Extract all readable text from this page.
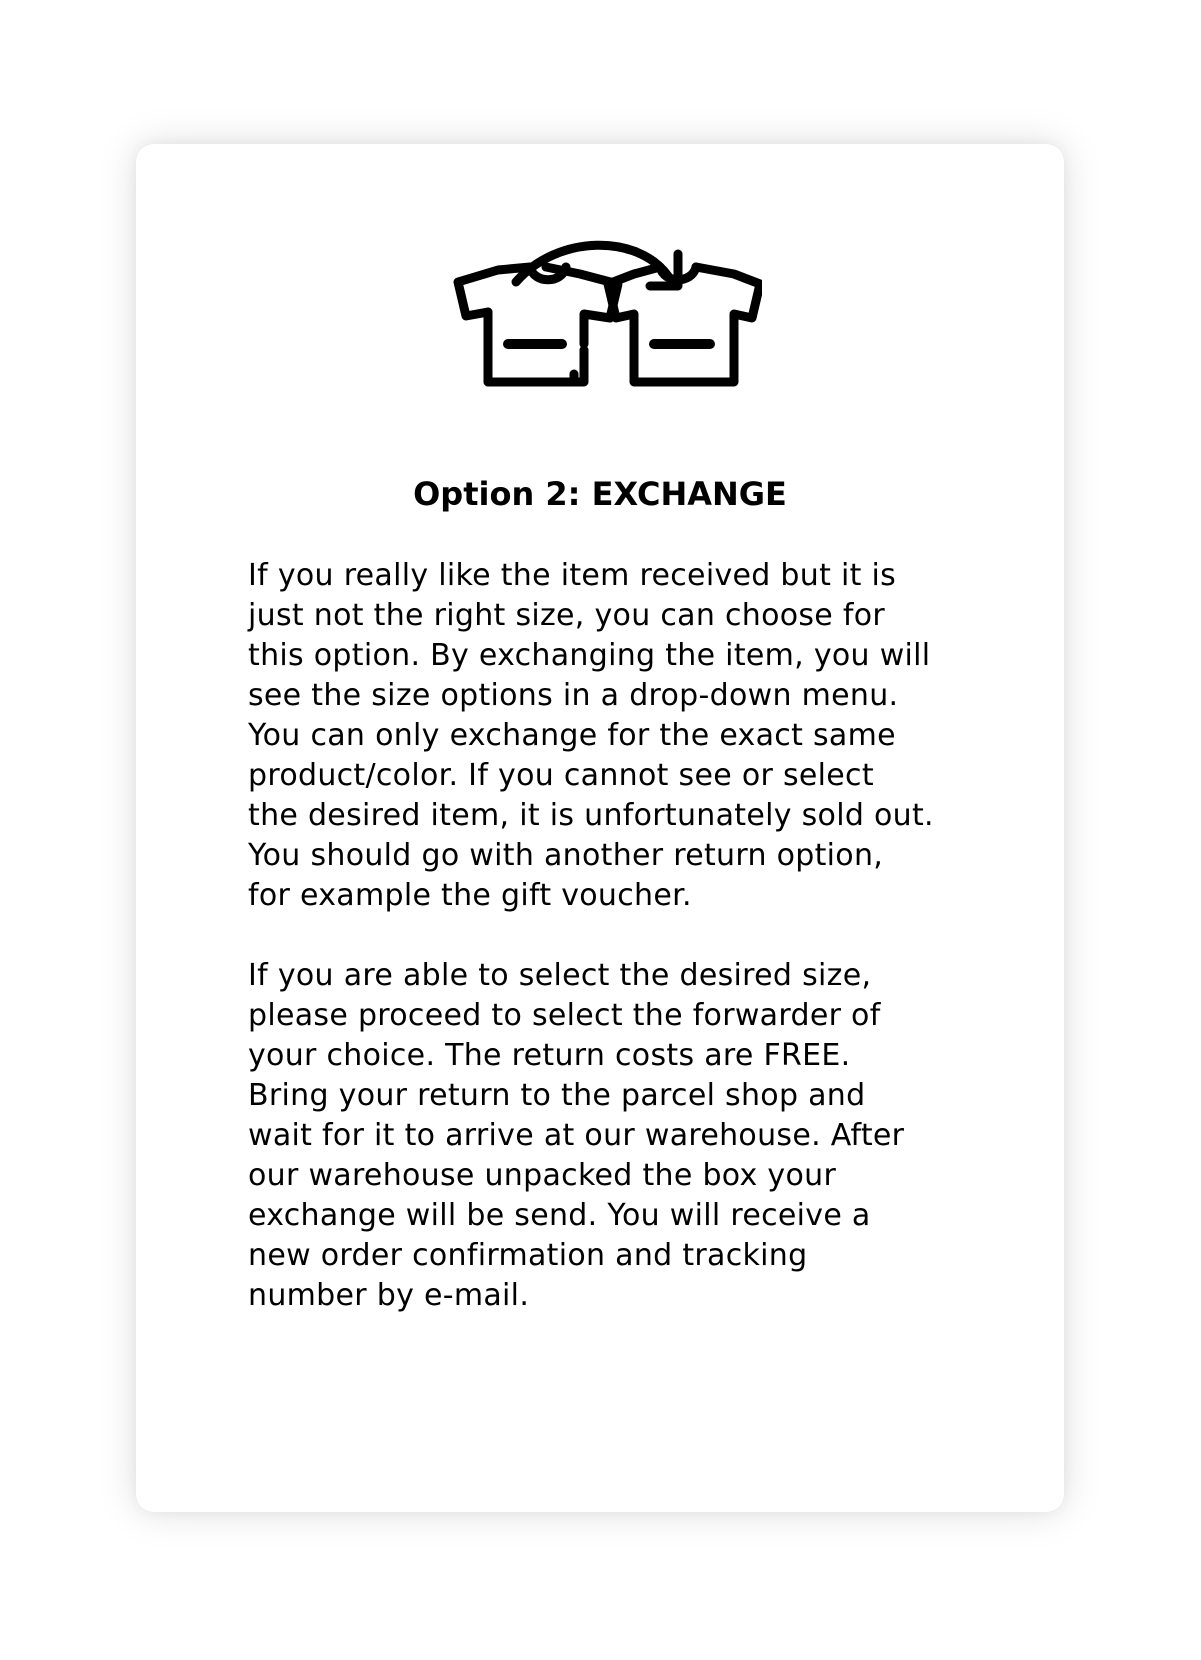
Option 2: EXCHANGE

If you really like the item received but it is
just not the right size, you can choose for
this option. By exchanging the item, you will
see the size options in a drop-down menu.
You can only exchange for the exact same
product/color. If you cannot see or select
the desired item, it is unfortunately sold out.
You should go with another return option,
for example the gift voucher.

If you are able to select the desired size,
please proceed to select the forwarder of
your choice. The return costs are FREE.
Bring your return to the parcel shop and
wait for it to arrive at our warehouse. After
our warehouse unpacked the box your
exchange will be send. You will receive a
new order confirmation and tracking
number by e-mail.
